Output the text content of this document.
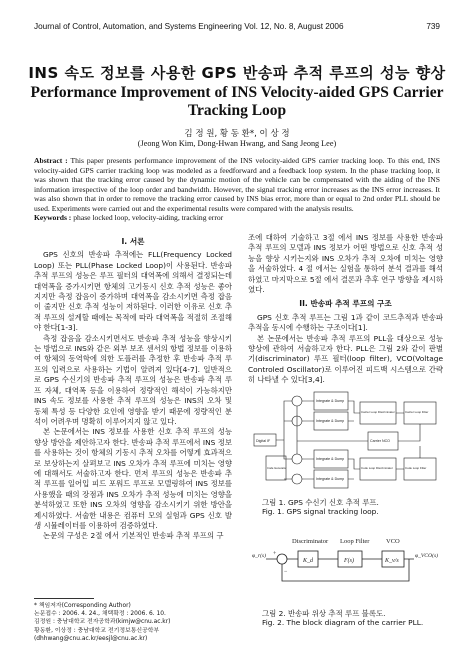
Journal of Control, Automation, and Systems Engineering Vol. 12, No. 8, August 2006	739
INS 속도 정보를 사용한 GPS 반송파 추적 루프의 성능 향상
Performance Improvement of INS Velocity-aided GPS Carrier Tracking Loop
김 정 원, 황 동 환*, 이 상 정
(Jeong Won Kim, Dong-Hwan Hwang, and Sang Jeong Lee)
Abstract : This paper presents performance improvement of the INS velocity-aided GPS carrier tracking loop. To this end, INS velocity-aided GPS carrier tracking loop was modeled as a feedforward and a feedback loop system. In the phase tracking loop, it was shown that the tracking error caused by the dynamic motion of the vehicle can be compensated with the aiding of the INS information irrespective of the loop order and bandwidth. However, the signal tracking error increases as the INS error increases. It was also shown that in order to remove the tracking error caused by INS bias error, more than or equal to 2nd order PLL should be used. Experiments were carried out and the experimental results were compared with the analysis results.
Keywords : phase locked loop, velocity-aiding, tracking error
I. 서론

GPS 신호의 반송파 추적에는 FLL(Frequency Locked Loop) 또는 PLL(Phase Locked Loop)이 사용된다. 반송파 추적 루프의 성능은 루프 필터의 대역폭에 의해서 결정되는데 대역폭을 증가시키면 항체의 고기동시 신호 추적 성능은 좋아지지만 측정 잡음이 증가하며 대역폭을 감소시키면 측정 잡음이 줄지만 신호 추적 성능이 저하된다. 이러한 이유로 신호 추적 루프의 설계할 때에는 목적에 따라 대역폭을 적절히 조절해야 한다[1-3].

측정 잡음을 감소시키면서도 반송파 추적 성능을 향상시키는 방법으로 INS와 같은 외부 보조 센서의 항법 정보를 이용하여 항체의 동역학에 의한 도플러를 추정한 후 반송파 추적 루프의 입력으로 사용하는 기법이 알려져 있다[4-7]. 일반적으로 GPS 수신기의 반송파 추적 루프의 성능은 반송파 추적 루프 자체, 대역폭 등을 이용하여 정량적인 해석이 가능하지만 INS 속도 정보를 사용한 추적 루프의 성능은 INS의 오차 및 동체 특성 등 다양한 요인에 영향을 받기 때문에 정량적인 분석이 어려우며 명확히 이루어지지 않고 있다.

본 논문에서는 INS 정보를 사용한 신호 추적 루프의 성능 향상 방안을 제안하고자 한다. 반송파 추적 루프에서 INS 정보를 사용하는 것이 항체의 기동시 추적 오차를 어떻게 효과적으로 보상하는지 살펴보고 INS 오차가 추적 루프에 미치는 영향에 대해서도 서술하고자 한다. 먼저 루프의 성능은 반송파 추적 루프를 일어입 피드 포워드 루프로 모델링하여 INS 정보를 사용했을 때의 장점과 INS 오차가 추적 성능에 미치는 영향을 분석하였고 또한 INS 오차의 영향을 감소시키기 위한 방안을 제시하였다. 서술한 내용은 컴퓨터 모의 실험과 GPS 신호 발생 시뮬레이터를 이용하여 검증하였다.

논문의 구성은 2절 에서 기본적인 반송파 추적 루프의 구

조에 대하여 기술하고 3절 에서 INS 정보를 사용한 반송파 추적 루프의 모델과 INS 정보가 어떤 방법으로 신호 추적 성능을 향상 시키는지와 INS 오차가 추적 오차에 미치는 영향을 서술하였다. 4 절 에서는 실험을 통하여 분석 결과를 해석하였고 마지막으로 5절 에서 결론과 추후 연구 방향을 제시하였다.

II. 반송파 추적 루프의 구조

GPS 신호 추적 루프는 그림 1과 같이 코드추적과 반송파 추적을 동시에 수행하는 구조이다[1].

본 논문에서는 반송파 추적 루프의 PLL을 대상으로 성능 향상에 관하여 서술하고자 한다. PLL은 그림 2와 같이 판별기(discriminator) 루프 필터(loop filter), VCO(Voltage Controled Oscillator)로 이루어진 피드백 시스템으로 간략히 나타낼 수 있다[3,4].

Digital IF
Integrate & Dump
Integrate & Dump
Integrate & Dump
Integrate & Dump
Carrier Loop Discriminator
Code Loop Discriminator
Carrier Loop Filter
Code Loop Filter
Carrier NCO
Code Generator
그림 1. GPS 수신기 신호 추적 루프.
Fig. 1. GPS signal tracking loop.
Discriminator Loop Filter	VCO
K_d	F(s)	K_v/s
φ_r(s)	φ_VCO(s)
+
−
그림 2. 반송파 위상 추적 루프 블록도.
Fig. 2. The block diagram of the carrier PLL.
* 책임저자(Corresponding Author)
논문접수 : 2006. 4. 24., 채택확정 : 2006. 6. 10.
김정원 : 충남대학교 전자공학과(kimjw@cnu.ac.kr)
황동환, 이상정 : 충남대학교 전기정보통신공학부
(dhhwang@cnu.ac.kr/eesjl@cnu.ac.kr)
